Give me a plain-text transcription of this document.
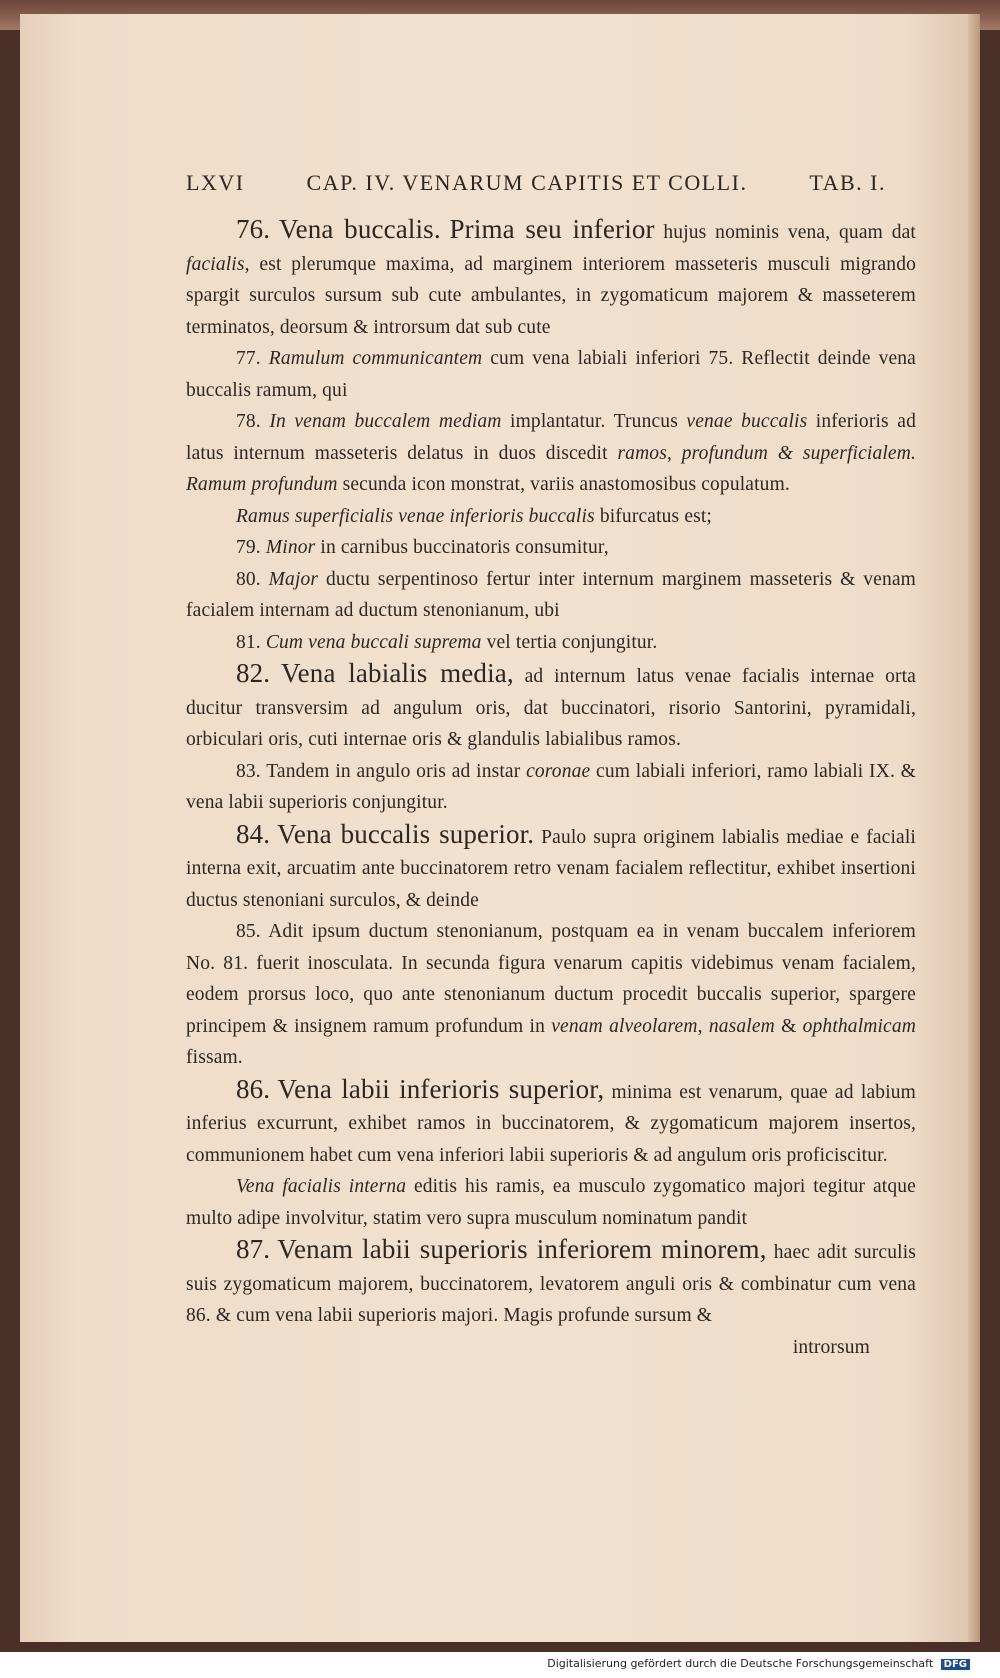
LXVI	CAP. IV. VENARUM CAPITIS ET COLLI.	TAB. I.

76. Vena buccalis. Prima seu inferior hujus nominis vena, quam dat facialis, est plerumque maxima, ad marginem interiorem masseteris musculi migrando spargit surculos sursum sub cute ambulantes, in zygomaticum majorem & masseterem terminatos, deorsum & introrsum dat sub cute

77. Ramulum communicantem cum vena labiali inferiori 75. Reflectit deinde vena buccalis ramum, qui

78. In venam buccalem mediam implantatur. Truncus venae buccalis inferioris ad latus internum masseteris delatus in duos discedit ramos, profundum & superficialem. Ramum profundum secunda icon monstrat, variis anastomosibus copulatum.

Ramus superficialis venae inferioris buccalis bifurcatus est;

79. Minor in carnibus buccinatoris consumitur,

80. Major ductu serpentinoso fertur inter internum marginem masseteris & venam facialem internam ad ductum stenonianum, ubi

81. Cum vena buccali suprema vel tertia conjungitur.

82. Vena labialis media, ad internum latus venae facialis internae orta ducitur transversim ad angulum oris, dat buccinatori, risorio Santorini, pyramidali, orbiculari oris, cuti internae oris & glandulis labialibus ramos.

83. Tandem in angulo oris ad instar coronae cum labiali inferiori, ramo labiali IX. & vena labii superioris conjungitur.

84. Vena buccalis superior. Paulo supra originem labialis mediae e faciali interna exit, arcuatim ante buccinatorem retro venam facialem reflectitur, exhibet insertioni ductus stenoniani surculos, & deinde

85. Adit ipsum ductum stenonianum, postquam ea in venam buccalem inferiorem No. 81. fuerit inosculata. In secunda figura venarum capitis videbimus venam facialem, eodem prorsus loco, quo ante stenonianum ductum procedit buccalis superior, spargere principem & insignem ramum profundum in venam alveolarem, nasalem & ophthalmicam fissam.

86. Vena labii inferioris superior, minima est venarum, quae ad labium inferius excurrunt, exhibet ramos in buccinatorem, & zygomaticum majorem insertos, communionem habet cum vena inferiori labii superioris & ad angulum oris proficiscitur.

Vena facialis interna editis his ramis, ea musculo zygomatico majori tegitur atque multo adipe involvitur, statim vero supra musculum nominatum pandit

87. Venam labii superioris inferiorem minorem, haec adit surculis suis zygomaticum majorem, buccinatorem, levatorem anguli oris & combinatur cum vena 86. & cum vena labii superioris majori. Magis profunde sursum &

introrsum

Digitalisierung gefördert durch die Deutsche Forschungsgemeinschaft DFG
